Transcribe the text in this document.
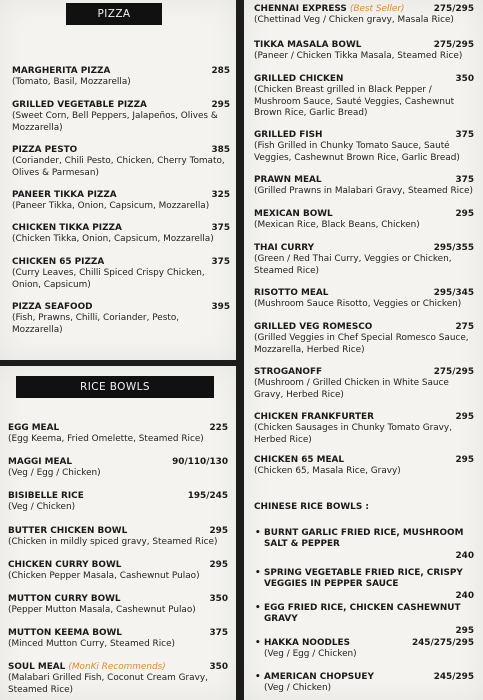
PIZZA
MARGHERITA PIZZA	285
(Tomato, Basil, Mozzarella)
GRILLED VEGETABLE PIZZA	295
(Sweet Corn, Bell Peppers, Jalapeños, Olives & Mozzarella)
PIZZA PESTO	385
(Coriander, Chili Pesto, Chicken, Cherry Tomato, Olives & Parmesan)
PANEER TIKKA PIZZA	325
(Paneer Tikka, Onion, Capsicum, Mozzarella)
CHICKEN TIKKA PIZZA	375
(Chicken Tikka, Onion, Capsicum, Mozzarella)
CHICKEN 65 PIZZA	375
(Curry Leaves, Chilli Spiced Crispy Chicken, Onion, Capsicum)
PIZZA SEAFOOD	395
(Fish, Prawns, Chilli, Coriander, Pesto, Mozzarella)
RICE BOWLS
EGG MEAL	225
(Egg Keema, Fried Omelette, Steamed Rice)
MAGGI MEAL	90/110/130
(Veg / Egg / Chicken)
BISIBELLE RICE	195/245
(Veg / Chicken)
BUTTER CHICKEN BOWL	295
(Chicken in mildly spiced gravy, Steamed Rice)
CHICKEN CURRY BOWL	295
(Chicken Pepper Masala, Cashewnut Pulao)
MUTTON CURRY BOWL	350
(Pepper Mutton Masala, Cashewnut Pulao)
MUTTON KEEMA BOWL	375
(Minced Mutton Curry, Steamed Rice)
SOUL MEAL (MonKi Recommends)	350
(Malabari Grilled Fish, Coconut Cream Gravy, Steamed Rice)
CHENNAI EXPRESS (Best Seller)	275/295
(Chettinad Veg / Chicken gravy, Masala Rice)
TIKKA MASALA BOWL	275/295
(Paneer / Chicken Tikka Masala, Steamed Rice)
GRILLED CHICKEN	350
(Chicken Breast grilled in Black Pepper / Mushroom Sauce, Sauté Veggies, Cashewnut Brown Rice, Garlic Bread)
GRILLED FISH	375
(Fish Grilled in Chunky Tomato Sauce, Sauté Veggies, Cashewnut Brown Rice, Garlic Bread)
PRAWN MEAL	375
(Grilled Prawns in Malabari Gravy, Steamed Rice)
MEXICAN BOWL	295
(Mexican Rice, Black Beans, Chicken)
THAI CURRY	295/355
(Green / Red Thai Curry, Veggies or Chicken, Steamed Rice)
RISOTTO MEAL	295/345
(Mushroom Sauce Risotto, Veggies or Chicken)
GRILLED VEG ROMESCO	275
(Grilled Veggies in Chef Special Romesco Sauce, Mozzarella, Herbed Rice)
STROGANOFF	275/295
(Mushroom / Grilled Chicken in White Sauce Gravy, Herbed Rice)
CHICKEN FRANKFURTER	295
(Chicken Sausages in Chunky Tomato Gravy, Herbed Rice)
CHICKEN 65 MEAL	295
(Chicken 65, Masala Rice, Gravy)
CHINESE RICE BOWLS :
• BURNT GARLIC FRIED RICE, MUSHROOM SALT & PEPPER
240
• SPRING VEGETABLE FRIED RICE, CRISPY VEGGIES IN PEPPER SAUCE
240
• EGG FRIED RICE, CHICKEN CASHEWNUT GRAVY
295
• HAKKA NOODLES	245/275/295
(Veg / Egg / Chicken)
• AMERICAN CHOPSUEY	245/295
(Veg / Chicken)
